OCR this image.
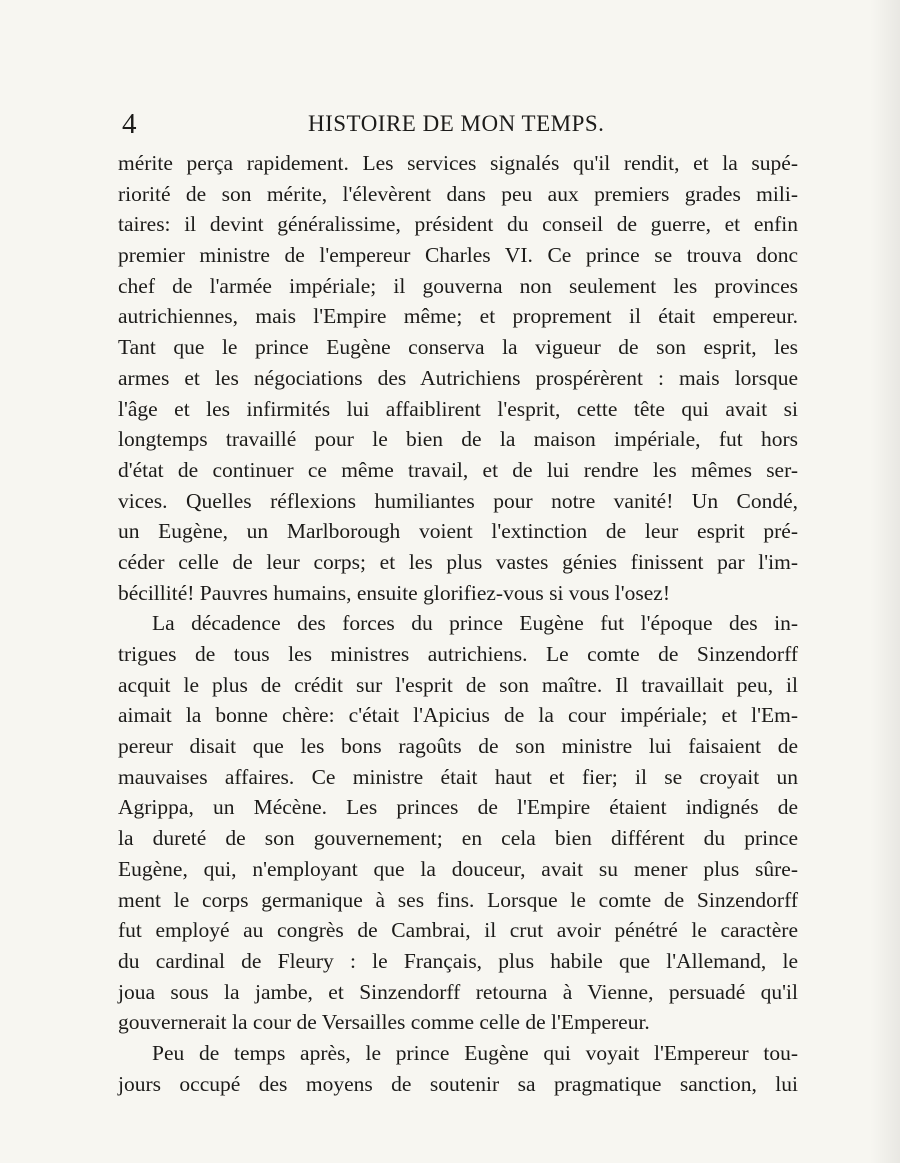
4	HISTOIRE DE MON TEMPS.
mérite perça rapidement. Les services signalés qu'il rendit, et la supé-
riorité de son mérite, l'élevèrent dans peu aux premiers grades mili-
taires: il devint généralissime, président du conseil de guerre, et enfin
premier ministre de l'empereur Charles VI. Ce prince se trouva donc
chef de l'armée impériale; il gouverna non seulement les provinces
autrichiennes, mais l'Empire même; et proprement il était empereur.
Tant que le prince Eugène conserva la vigueur de son esprit, les
armes et les négociations des Autrichiens prospérèrent : mais lorsque
l'âge et les infirmités lui affaiblirent l'esprit, cette tête qui avait si
longtemps travaillé pour le bien de la maison impériale, fut hors
d'état de continuer ce même travail, et de lui rendre les mêmes ser-
vices. Quelles réflexions humiliantes pour notre vanité! Un Condé,
un Eugène, un Marlborough voient l'extinction de leur esprit pré-
céder celle de leur corps; et les plus vastes génies finissent par l'im-
bécillité! Pauvres humains, ensuite glorifiez-vous si vous l'osez!
La décadence des forces du prince Eugène fut l'époque des in-
trigues de tous les ministres autrichiens. Le comte de Sinzendorff
acquit le plus de crédit sur l'esprit de son maître. Il travaillait peu, il
aimait la bonne chère: c'était l'Apicius de la cour impériale; et l'Em-
pereur disait que les bons ragoûts de son ministre lui faisaient de
mauvaises affaires. Ce ministre était haut et fier; il se croyait un
Agrippa, un Mécène. Les princes de l'Empire étaient indignés de
la dureté de son gouvernement; en cela bien différent du prince
Eugène, qui, n'employant que la douceur, avait su mener plus sûre-
ment le corps germanique à ses fins. Lorsque le comte de Sinzendorff
fut employé au congrès de Cambrai, il crut avoir pénétré le caractère
du cardinal de Fleury : le Français, plus habile que l'Allemand, le
joua sous la jambe, et Sinzendorff retourna à Vienne, persuadé qu'il
gouvernerait la cour de Versailles comme celle de l'Empereur.
Peu de temps après, le prince Eugène qui voyait l'Empereur tou-
jours occupé des moyens de soutenir sa pragmatique sanction, lui
